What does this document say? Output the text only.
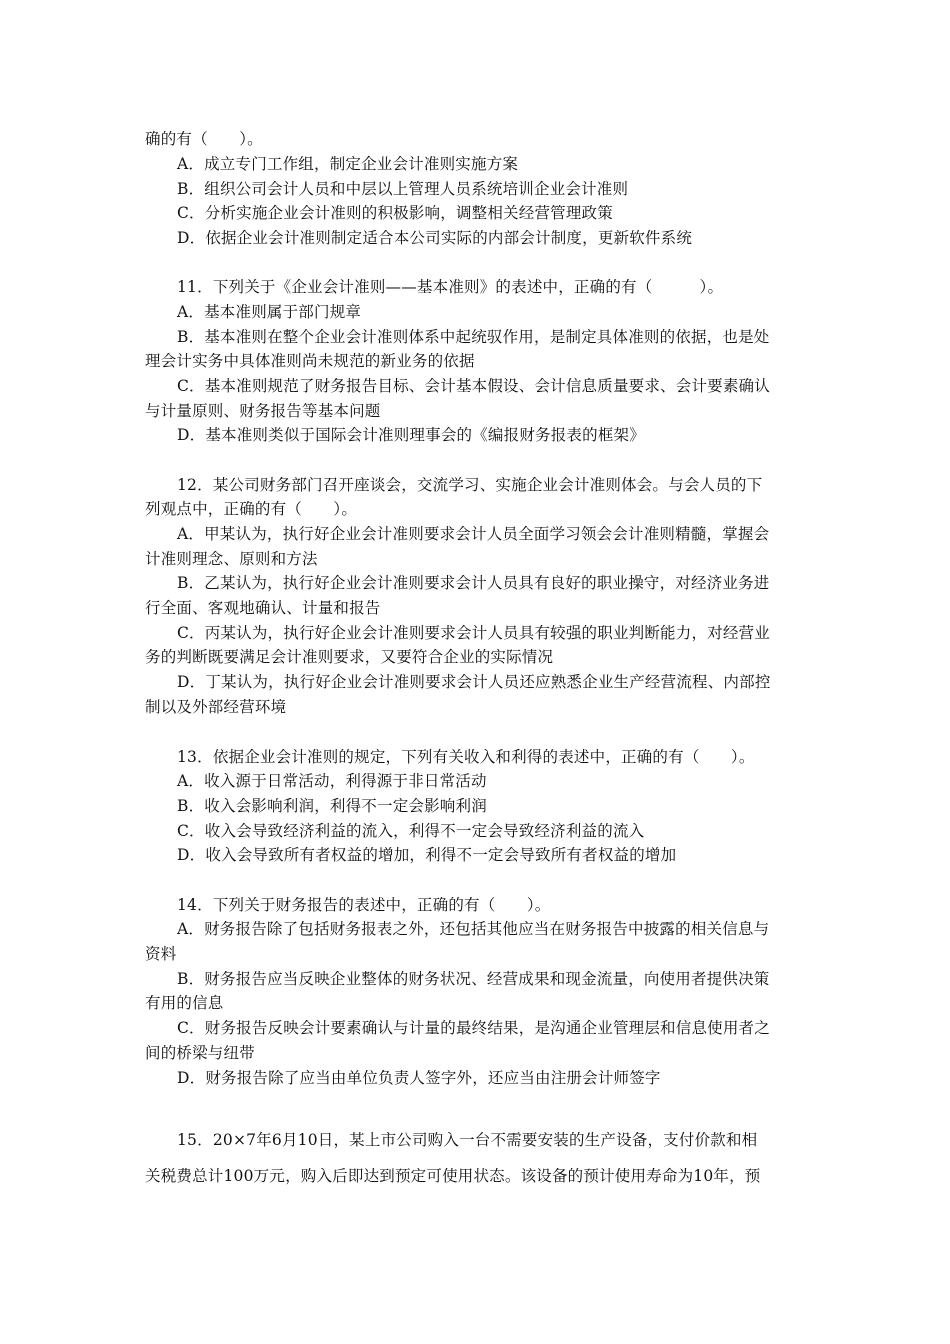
确的有（　　）。
A．成立专门工作组，制定企业会计准则实施方案
B．组织公司会计人员和中层以上管理人员系统培训企业会计准则
C．分析实施企业会计准则的积极影响，调整相关经营管理政策
D．依据企业会计准则制定适合本公司实际的内部会计制度，更新软件系统
11．下列关于《企业会计准则——基本准则》的表述中，正确的有（　　　）。
A．基本准则属于部门规章
B．基本准则在整个企业会计准则体系中起统驭作用，是制定具体准则的依据，也是处
理会计实务中具体准则尚未规范的新业务的依据
C．基本准则规范了财务报告目标、会计基本假设、会计信息质量要求、会计要素确认
与计量原则、财务报告等基本问题
D．基本准则类似于国际会计准则理事会的《编报财务报表的框架》
12．某公司财务部门召开座谈会，交流学习、实施企业会计准则体会。与会人员的下
列观点中，正确的有（　　）。
A．甲某认为，执行好企业会计准则要求会计人员全面学习领会会计准则精髓，掌握会
计准则理念、原则和方法
B．乙某认为，执行好企业会计准则要求会计人员具有良好的职业操守，对经济业务进
行全面、客观地确认、计量和报告
C．丙某认为，执行好企业会计准则要求会计人员具有较强的职业判断能力，对经营业
务的判断既要满足会计准则要求，又要符合企业的实际情况
D．丁某认为，执行好企业会计准则要求会计人员还应熟悉企业生产经营流程、内部控
制以及外部经营环境
13．依据企业会计准则的规定，下列有关收入和利得的表述中，正确的有（　　）。
A．收入源于日常活动，利得源于非日常活动
B．收入会影响利润，利得不一定会影响利润
C．收入会导致经济利益的流入，利得不一定会导致经济利益的流入
D．收入会导致所有者权益的增加，利得不一定会导致所有者权益的增加
14．下列关于财务报告的表述中，正确的有（　　）。
A．财务报告除了包括财务报表之外，还包括其他应当在财务报告中披露的相关信息与
资料
B．财务报告应当反映企业整体的财务状况、经营成果和现金流量，向使用者提供决策
有用的信息
C．财务报告反映会计要素确认与计量的最终结果，是沟通企业管理层和信息使用者之
间的桥梁与纽带
D．财务报告除了应当由单位负责人签字外，还应当由注册会计师签字
15．20×7年6月10日，某上市公司购入一台不需要安装的生产设备，支付价款和相
关税费总计100万元，购入后即达到预定可使用状态。该设备的预计使用寿命为10年，预
